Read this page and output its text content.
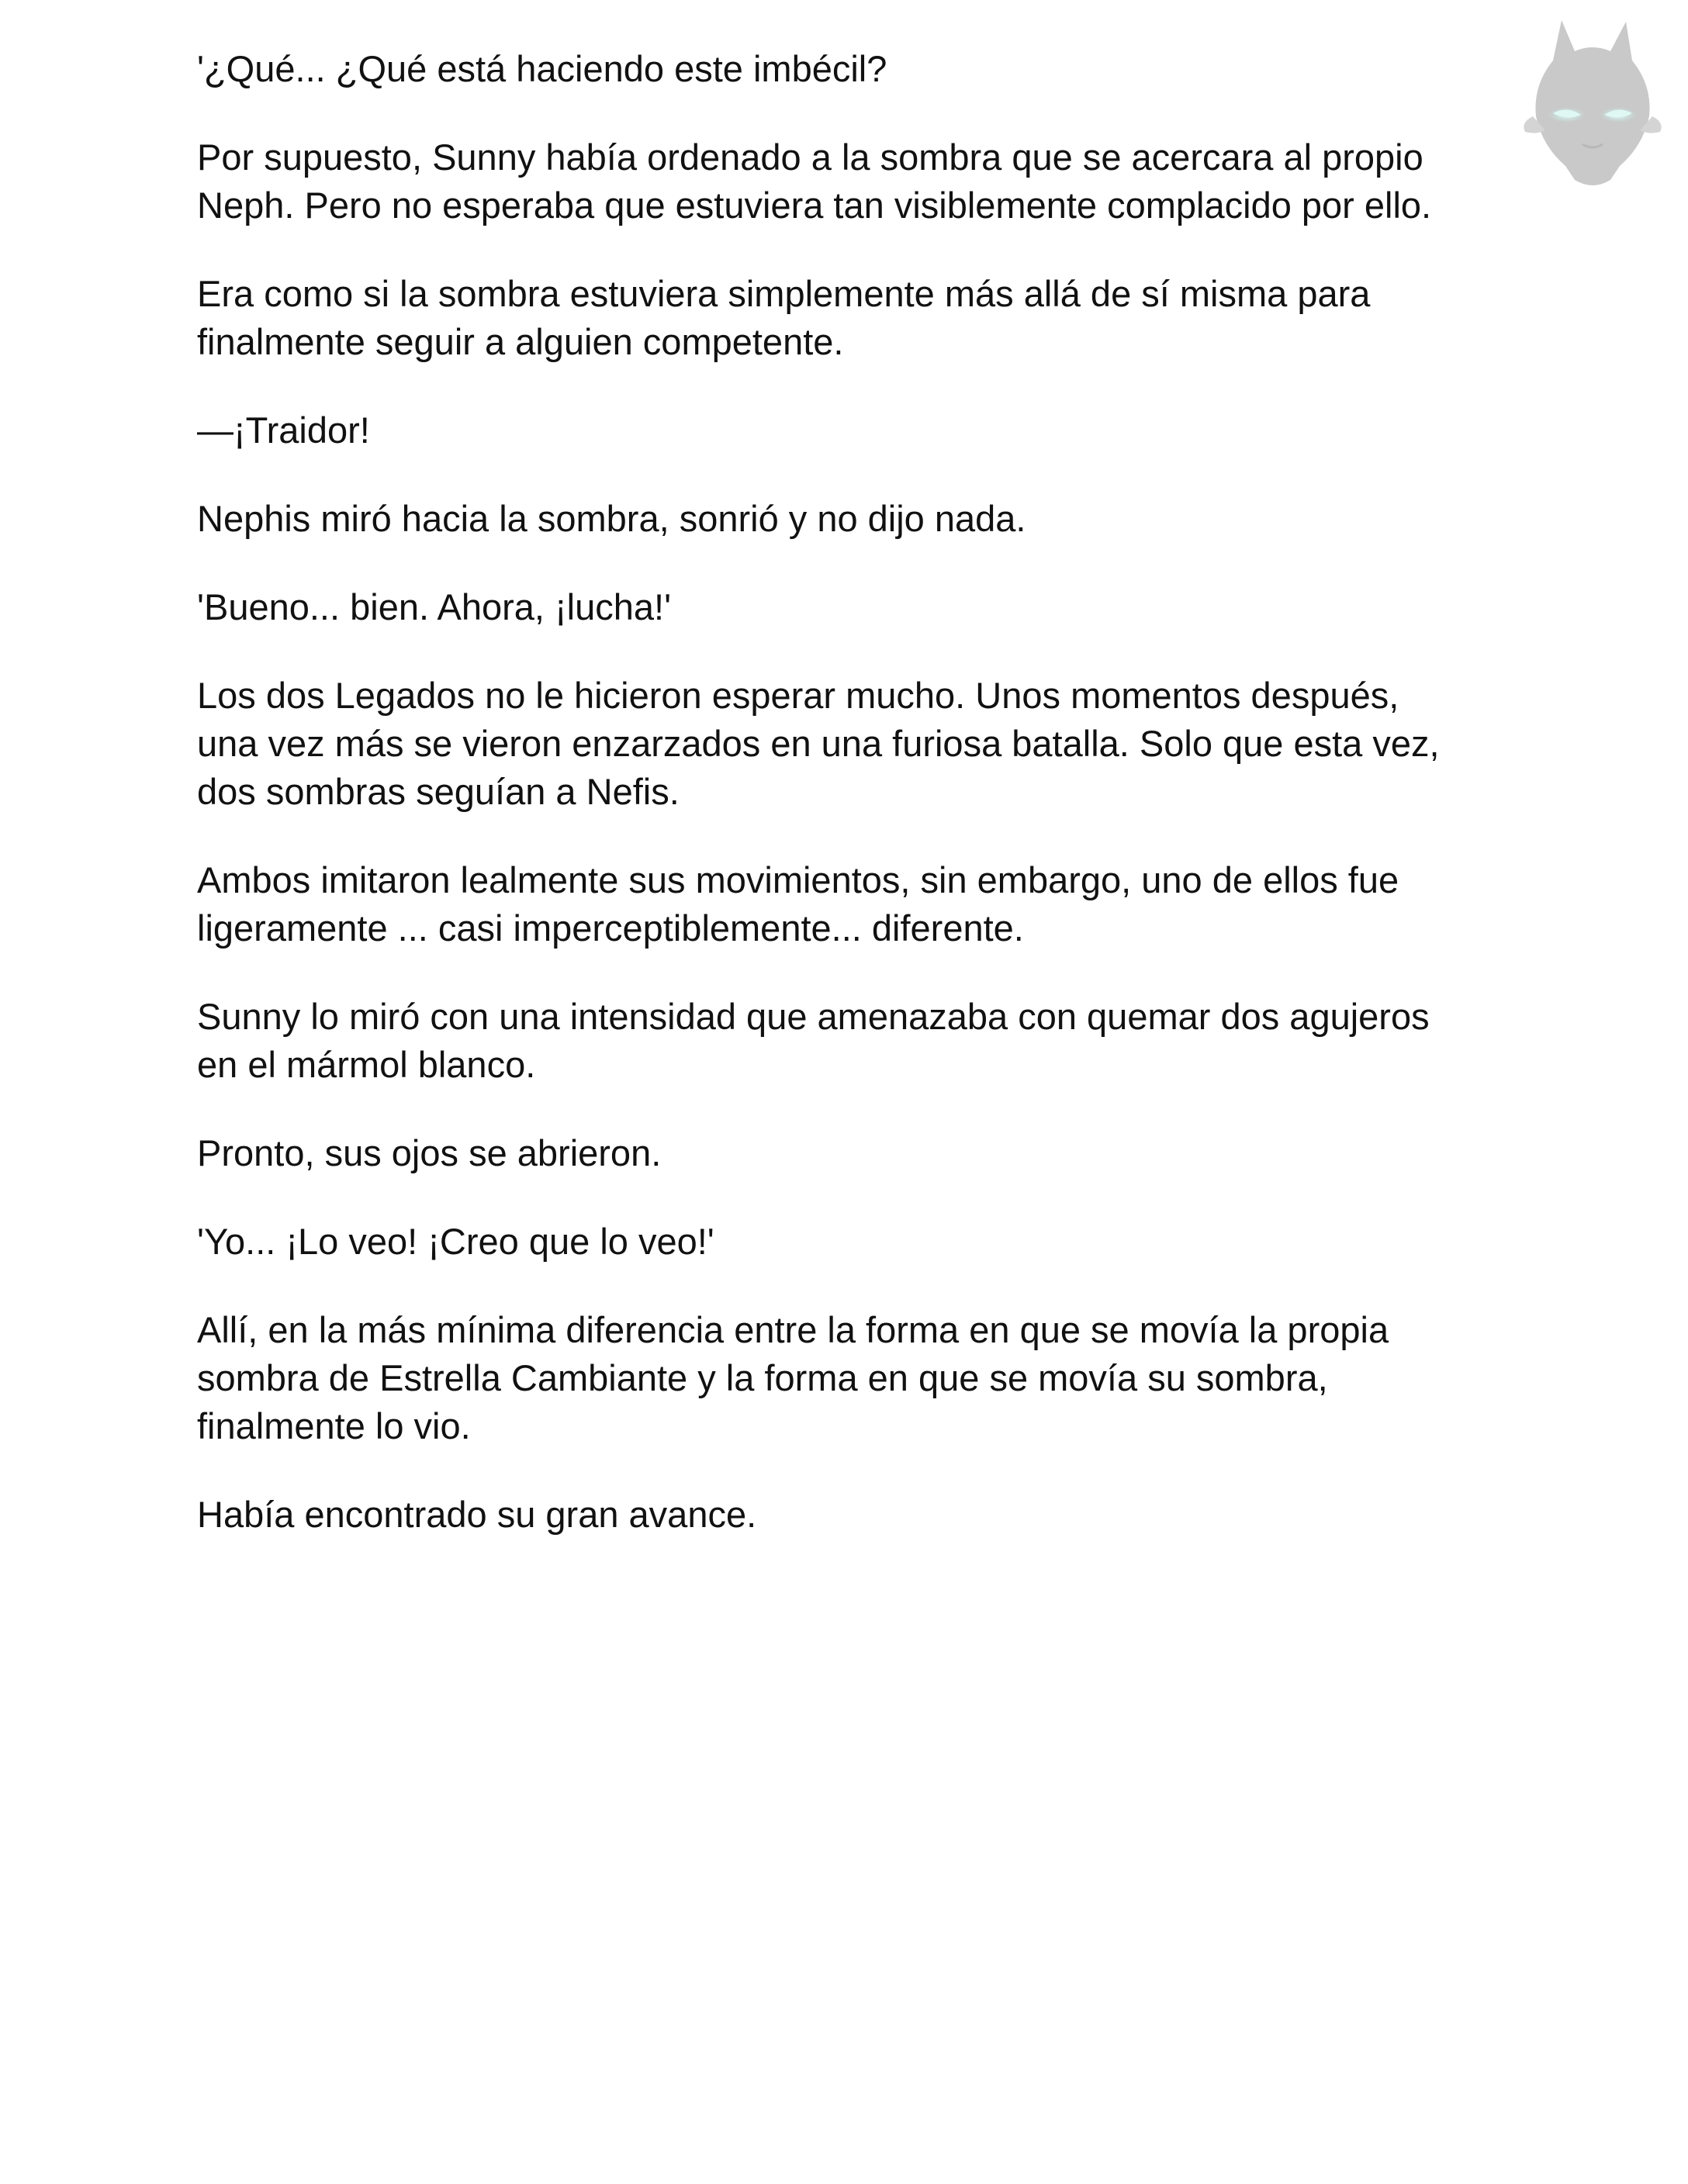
'¿Qué... ¿Qué está haciendo este imbécil?

Por supuesto, Sunny había ordenado a la sombra que se acercara al propio
Neph. Pero no esperaba que estuviera tan visiblemente complacido por ello.

Era como si la sombra estuviera simplemente más allá de sí misma para
finalmente seguir a alguien competente.

—¡Traidor!

Nephis miró hacia la sombra, sonrió y no dijo nada.

'Bueno... bien. Ahora, ¡lucha!'

Los dos Legados no le hicieron esperar mucho. Unos momentos después,
una vez más se vieron enzarzados en una furiosa batalla. Solo que esta vez,
dos sombras seguían a Nefis.

Ambos imitaron lealmente sus movimientos, sin embargo, uno de ellos fue
ligeramente ... casi imperceptiblemente... diferente.

Sunny lo miró con una intensidad que amenazaba con quemar dos agujeros
en el mármol blanco.

Pronto, sus ojos se abrieron.

'Yo... ¡Lo veo! ¡Creo que lo veo!'

Allí, en la más mínima diferencia entre la forma en que se movía la propia
sombra de Estrella Cambiante y la forma en que se movía su sombra,
finalmente lo vio.

Había encontrado su gran avance.
